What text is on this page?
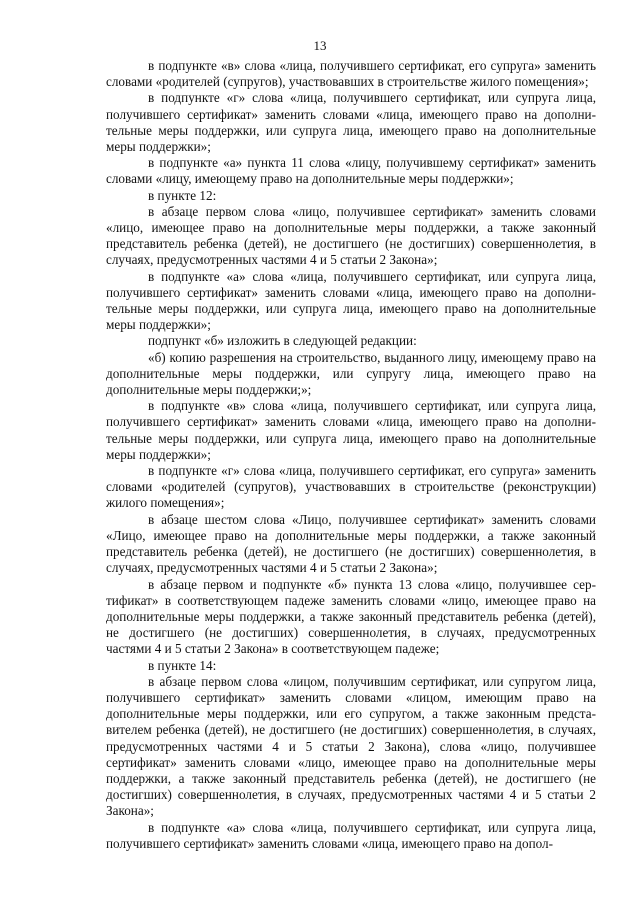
13

в подпункте «в» слова «лица, получившего сертификат, его супруга» заменить словами «родителей (супругов), участвовавших в строительстве жилого помещения»;

в подпункте «г» слова «лица, получившего сертификат, или супруга лица, получившего сертификат» заменить словами «лица, имеющего право на дополнительные меры поддержки, или супруга лица, имеющего право на дополнительные меры поддержки»;

в подпункте «а» пункта 11 слова «лицу, получившему сертификат» заменить словами «лицу, имеющему право на дополнительные меры поддержки»;

в пункте 12:

в абзаце первом слова «лицо, получившее сертификат» заменить словами «лицо, имеющее право на дополнительные меры поддержки, а также законный представитель ребенка (детей), не достигшего (не достигших) совершеннолетия, в случаях, предусмотренных частями 4 и 5 статьи 2 Закона»;

в подпункте «а» слова «лица, получившего сертификат, или супруга лица, получившего сертификат» заменить словами «лица, имеющего право на дополнительные меры поддержки, или супруга лица, имеющего право на дополнительные меры поддержки»;

подпункт «б» изложить в следующей редакции:

«б) копию разрешения на строительство, выданного лицу, имеющему право на дополнительные меры поддержки, или супругу лица, имеющего право на дополнительные меры поддержки;»;

в подпункте «в» слова «лица, получившего сертификат, или супруга лица, получившего сертификат» заменить словами «лица, имеющего право на дополнительные меры поддержки, или супруга лица, имеющего право на дополнительные меры поддержки»;

в подпункте «г» слова «лица, получившего сертификат, его супруга» заменить словами «родителей (супругов), участвовавших в строительстве (реконструкции) жилого помещения»;

в абзаце шестом слова «Лицо, получившее сертификат» заменить словами «Лицо, имеющее право на дополнительные меры поддержки, а также законный представитель ребенка (детей), не достигшего (не достигших) совершеннолетия, в случаях, предусмотренных частями 4 и 5 статьи 2 Закона»;

в абзаце первом и подпункте «б» пункта 13 слова «лицо, получившее сертификат» в соответствующем падеже заменить словами «лицо, имеющее право на дополнительные меры поддержки, а также законный представитель ребенка (детей), не достигшего (не достигших) совершеннолетия, в случаях, предусмотренных частями 4 и 5 статьи 2 Закона» в соответствующем падеже;

в пункте 14:

в абзаце первом слова «лицом, получившим сертификат, или супругом лица, получившего сертификат» заменить словами «лицом, имеющим право на дополнительные меры поддержки, или его супругом, а также законным представителем ребенка (детей), не достигшего (не достигших) совершеннолетия, в случаях, предусмотренных частями 4 и 5 статьи 2 Закона), слова «лицо, получившее сертификат» заменить словами «лицо, имеющее право на дополнительные меры поддержки, а также законный представитель ребенка (детей), не достигшего (не достигших) совершеннолетия, в случаях, предусмотренных частями 4 и 5 статьи 2 Закона»;

в подпункте «а» слова «лица, получившего сертификат, или супруга лица, получившего сертификат» заменить словами «лица, имеющего право на допол-
